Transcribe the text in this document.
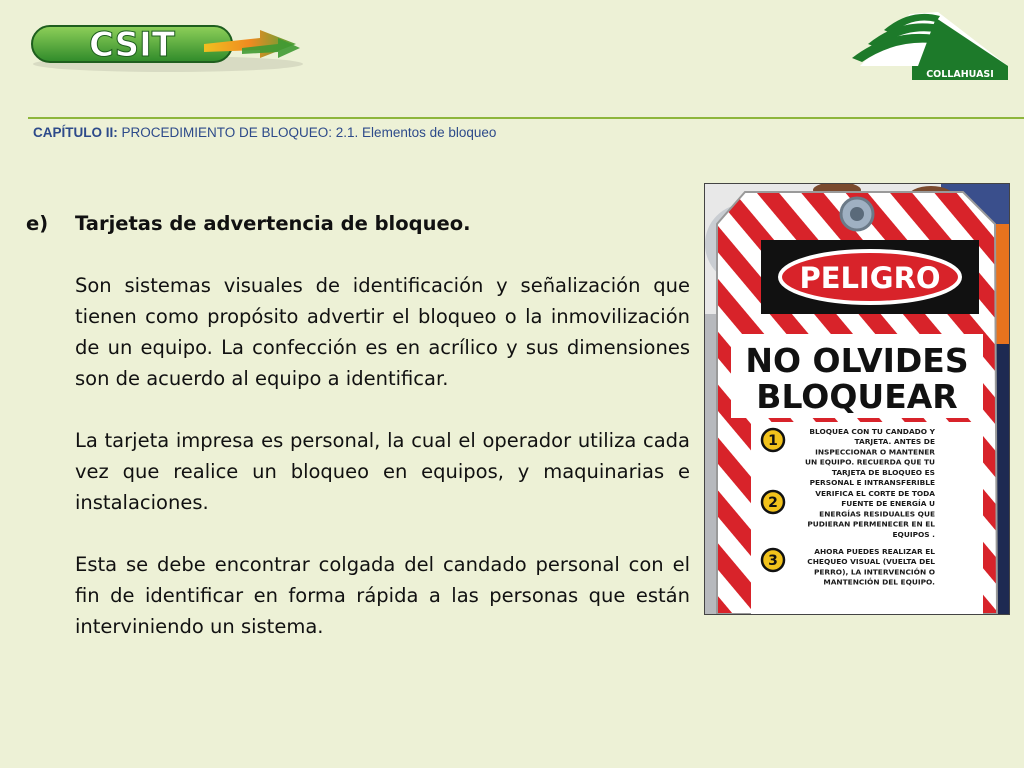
CSIT
COLLAHUASI
CAPÍTULO II: PROCEDIMIENTO DE BLOQUEO: 2.1. Elementos de bloqueo
e)	Tarjetas de advertencia de bloqueo.

Son sistemas visuales de identificación y señalización que tienen como propósito advertir el bloqueo o la inmovilización de un equipo. La confección es en acrílico y sus dimensiones son de acuerdo al equipo a identificar.

La tarjeta impresa es personal, la cual el operador utiliza cada vez que realice un bloqueo en equipos, y maquinarias e instalaciones.

Esta se debe encontrar colgada del candado personal con el fin de identificar en forma rápida a las personas que están interviniendo un sistema.

PELIGRO
NO OLVIDES
BLOQUEAR
1
BLOQUEA CON TU CANDADO Y
TARJETA. ANTES DE
INSPECCIONAR O MANTENER
UN EQUIPO. RECUERDA QUE TU
TARJETA DE BLOQUEO ES
PERSONAL E INTRANSFERIBLE
2
VERIFICA EL CORTE DE TODA
FUENTE DE ENERGÍA U
ENERGÍAS RESIDUALES QUE
PUDIERAN PERMENECER EN EL
EQUIPOS .
3
AHORA PUEDES REALIZAR EL
CHEQUEO VISUAL (VUELTA DEL
PERRO), LA INTERVENCIÓN O
MANTENCIÓN DEL EQUIPO.
